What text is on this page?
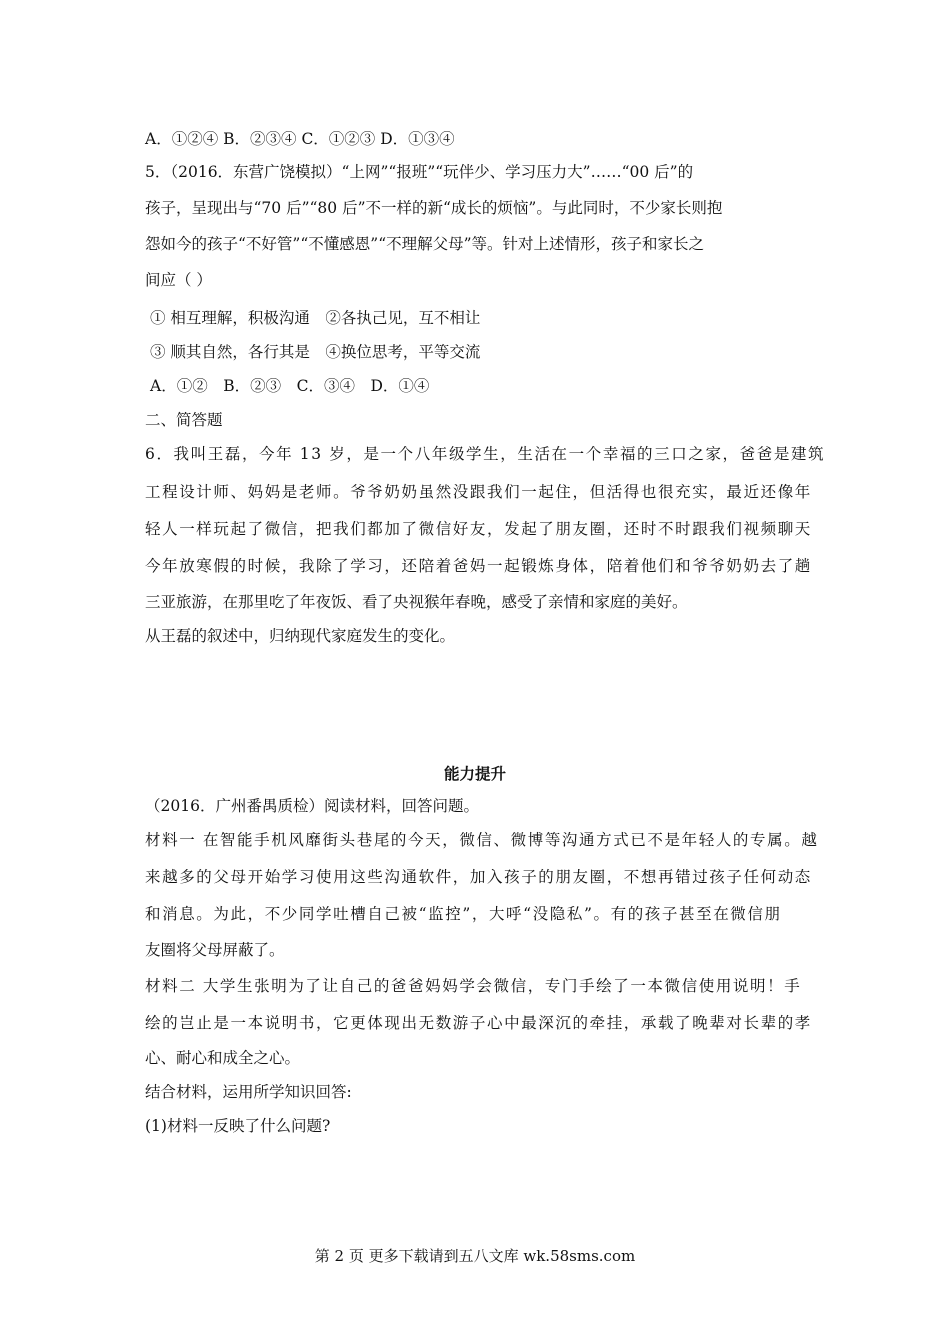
A．①②④ B．②③④ C．①②③ D．①③④
5．（2016．东营广饶模拟）“上网”“报班”“玩伴少、学习压力大”……“00 后”的
孩子，呈现出与“70 后”“80 后”不一样的新“成长的烦恼”。与此同时，不少家长则抱
怨如今的孩子“不好管”“不懂感恩”“不理解父母”等。针对上述情形，孩子和家长之
间应（ ）
① 相互理解，积极沟通　②各执己见，互不相让
③ 顺其自然，各行其是　④换位思考，平等交流
A．①②　B．②③　C．③④　D．①④
二、简答题
6．我叫王磊，今年 13 岁，是一个八年级学生，生活在一个幸福的三口之家，爸爸是建筑
工程设计师、妈妈是老师。爷爷奶奶虽然没跟我们一起住，但活得也很充实，最近还像年
轻人一样玩起了微信，把我们都加了微信好友，发起了朋友圈，还时不时跟我们视频聊天
今年放寒假的时候，我除了学习，还陪着爸妈一起锻炼身体，陪着他们和爷爷奶奶去了趟
三亚旅游，在那里吃了年夜饭、看了央视猴年春晚，感受了亲情和家庭的美好。
从王磊的叙述中，归纳现代家庭发生的变化。
能力提升
（2016．广州番禺质检）阅读材料，回答问题。
材料一 在智能手机风靡街头巷尾的今天，微信、微博等沟通方式已不是年轻人的专属。越
来越多的父母开始学习使用这些沟通软件，加入孩子的朋友圈，不想再错过孩子任何动态
和消息。为此，不少同学吐槽自己被“监控”，大呼“没隐私”。有的孩子甚至在微信朋
友圈将父母屏蔽了。
材料二 大学生张明为了让自己的爸爸妈妈学会微信，专门手绘了一本微信使用说明！手
绘的岂止是一本说明书，它更体现出无数游子心中最深沉的牵挂，承载了晚辈对长辈的孝
心、耐心和成全之心。
结合材料，运用所学知识回答:
(1)材料一反映了什么问题?
第 2 页 更多下载请到五八文库 wk.58sms.com
